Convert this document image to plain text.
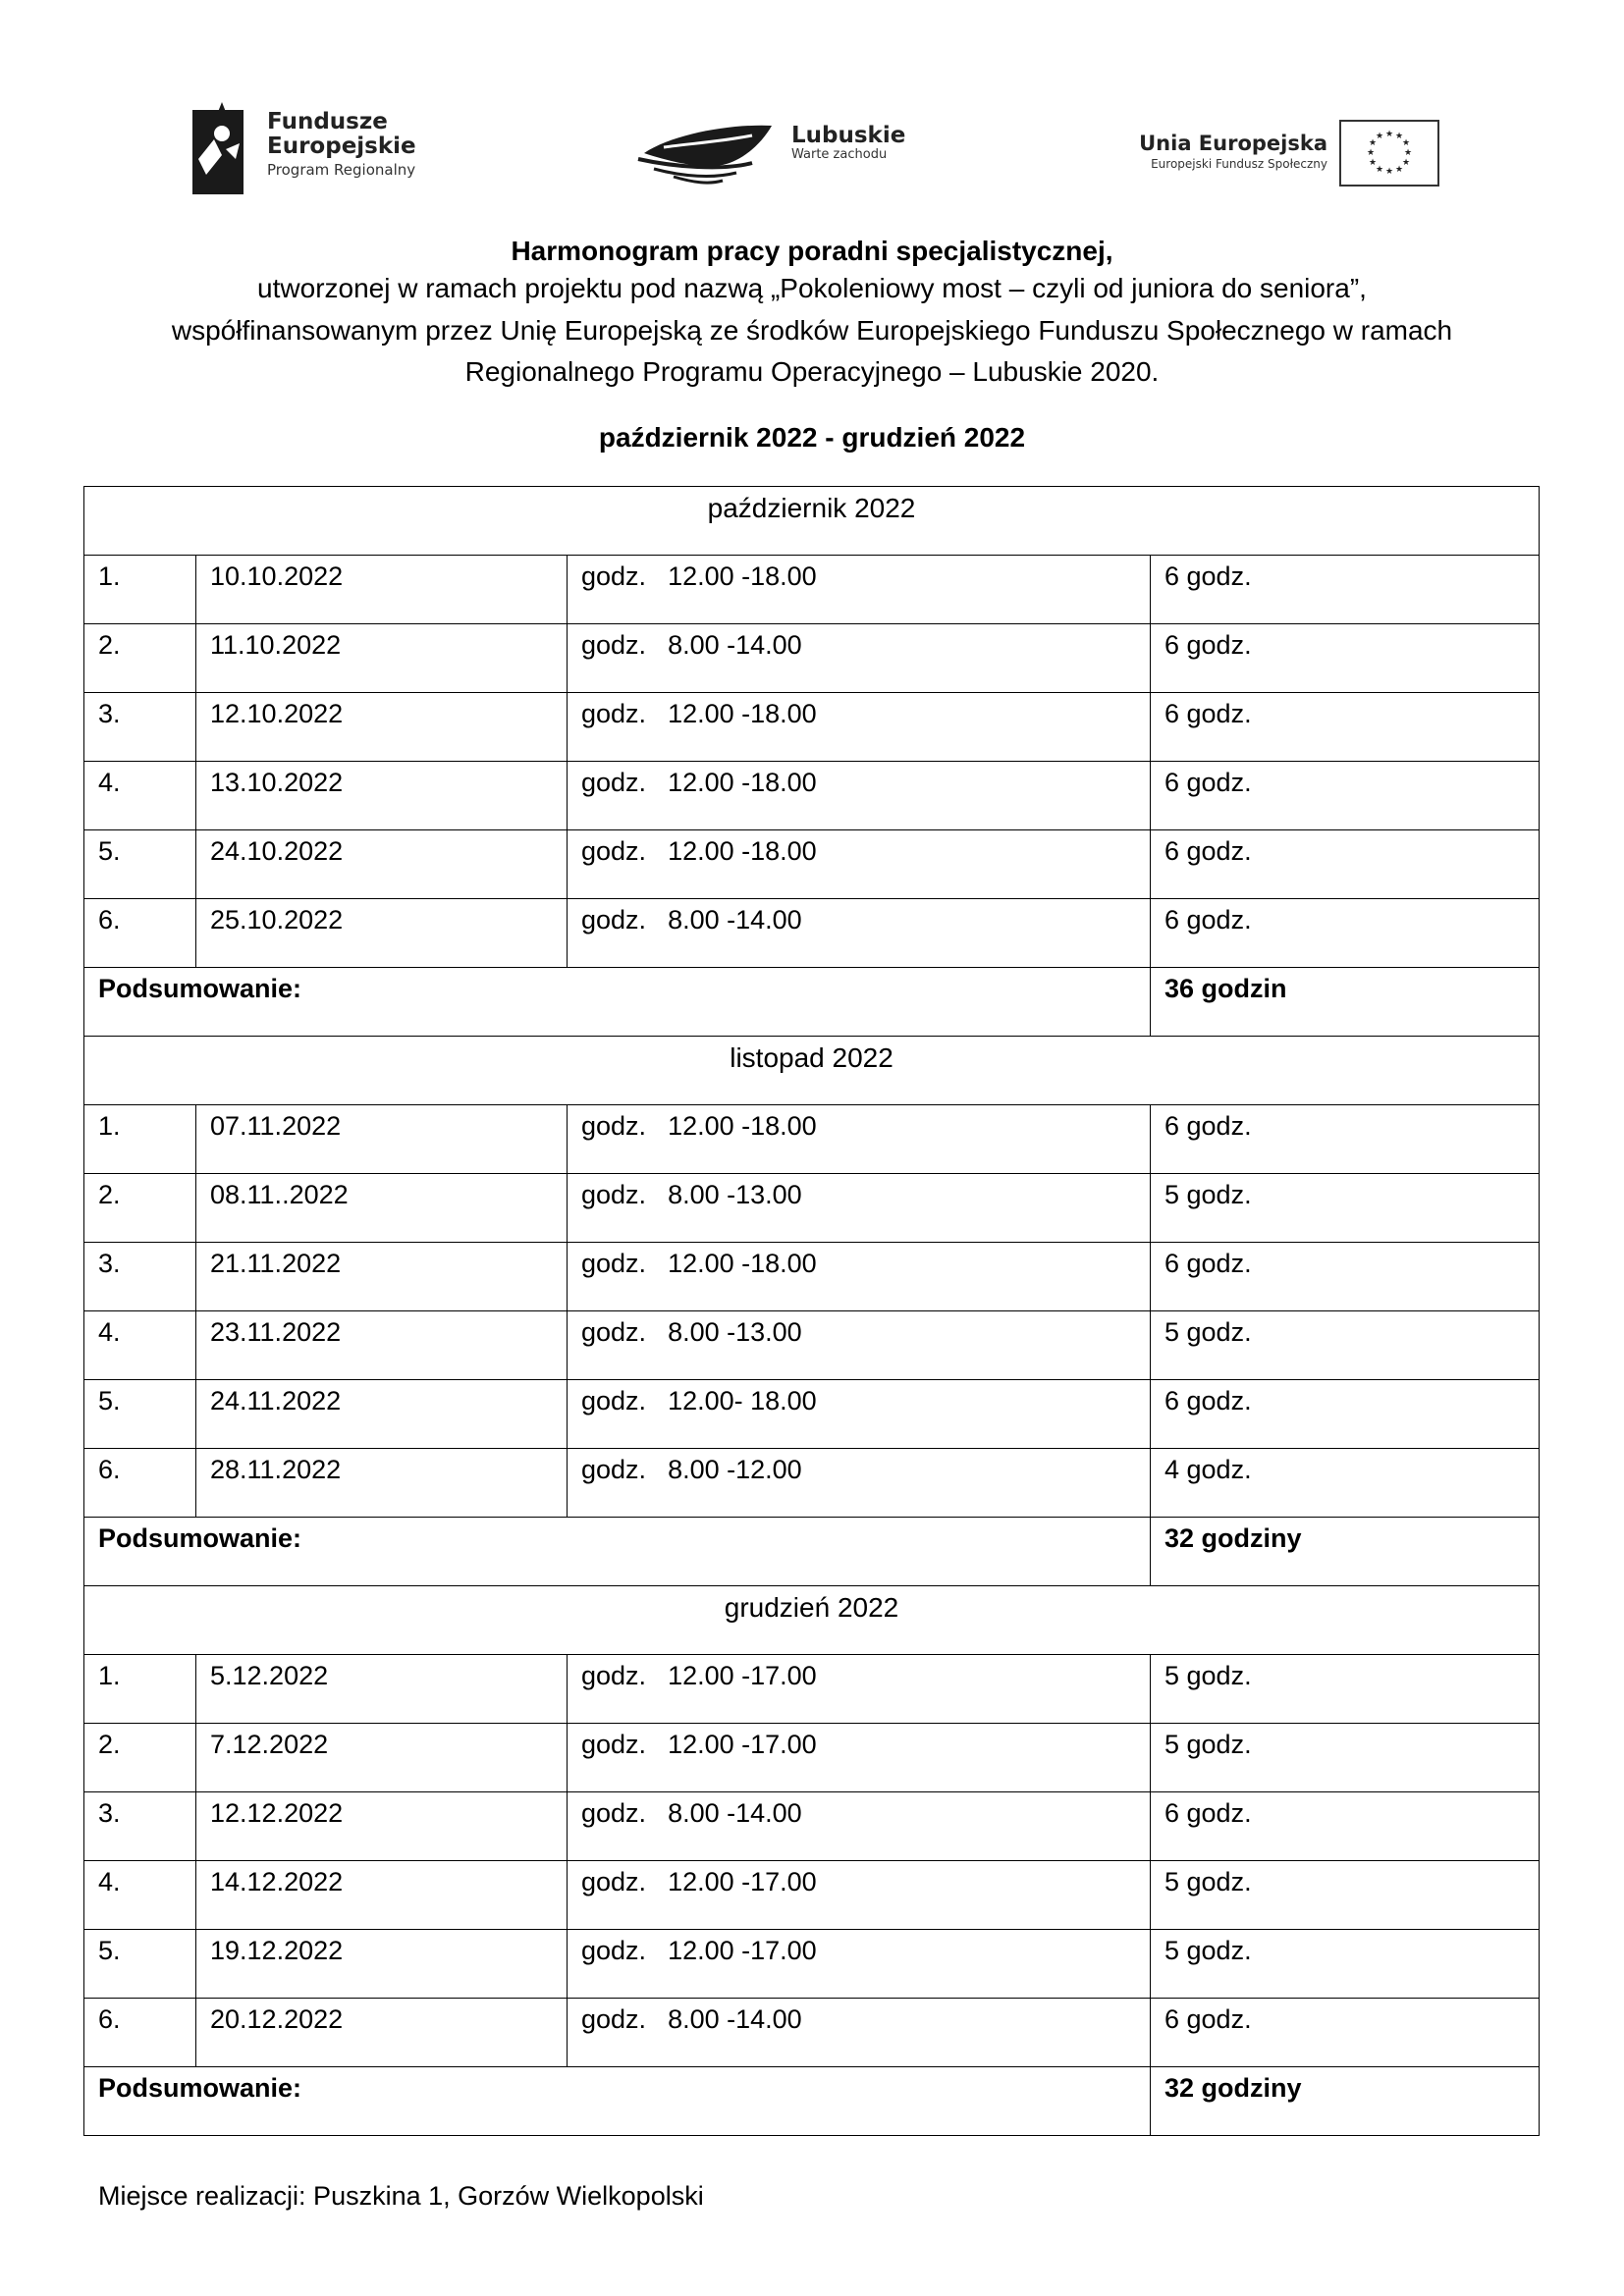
Fundusze
Europejskie
Program Regionalny
Lubuskie
Warte zachodu	Unia Europejska
Europejski Fundusz Społeczny
★ ★
★
★
★
★
★
★
★
★
★
★
Harmonogram pracy poradni specjalistycznej,
utworzonej w ramach projektu pod nazwą „Pokoleniowy most – czyli od juniora do seniora”,
współfinansowanym przez Unię Europejską ze środków Europejskiego Funduszu Społecznego w ramach
Regionalnego Programu Operacyjnego – Lubuskie 2020.
październik 2022 - grudzień 2022
październik 2022			
1.	10.10.2022	godz. 12.00 -18.00	6 godz.
2.	11.10.2022	godz. 8.00 -14.00	6 godz.
3.	12.10.2022	godz. 12.00 -18.00	6 godz.
4.	13.10.2022	godz. 12.00 -18.00	6 godz.
5.	24.10.2022	godz. 12.00 -18.00	6 godz.
6.	25.10.2022	godz. 8.00 -14.00	6 godz.
Podsumowanie:			36 godzin
listopad 2022			
1.	07.11.2022	godz. 12.00 -18.00	6 godz.
2.	08.11..2022	godz. 8.00 -13.00	5 godz.
3.	21.11.2022	godz. 12.00 -18.00	6 godz.
4.	23.11.2022	godz. 8.00 -13.00	5 godz.
5.	24.11.2022	godz. 12.00- 18.00	6 godz.
6.	28.11.2022	godz. 8.00 -12.00	4 godz.
Podsumowanie:			32 godziny
grudzień 2022			
1.	5.12.2022	godz. 12.00 -17.00	5 godz.
2.	7.12.2022	godz. 12.00 -17.00	5 godz.
3.	12.12.2022	godz. 8.00 -14.00	6 godz.
4.	14.12.2022	godz. 12.00 -17.00	5 godz.
5.	19.12.2022	godz. 12.00 -17.00	5 godz.
6.	20.12.2022	godz. 8.00 -14.00	6 godz.
Podsumowanie:			32 godziny
Miejsce realizacji: Puszkina 1, Gorzów Wielkopolski
